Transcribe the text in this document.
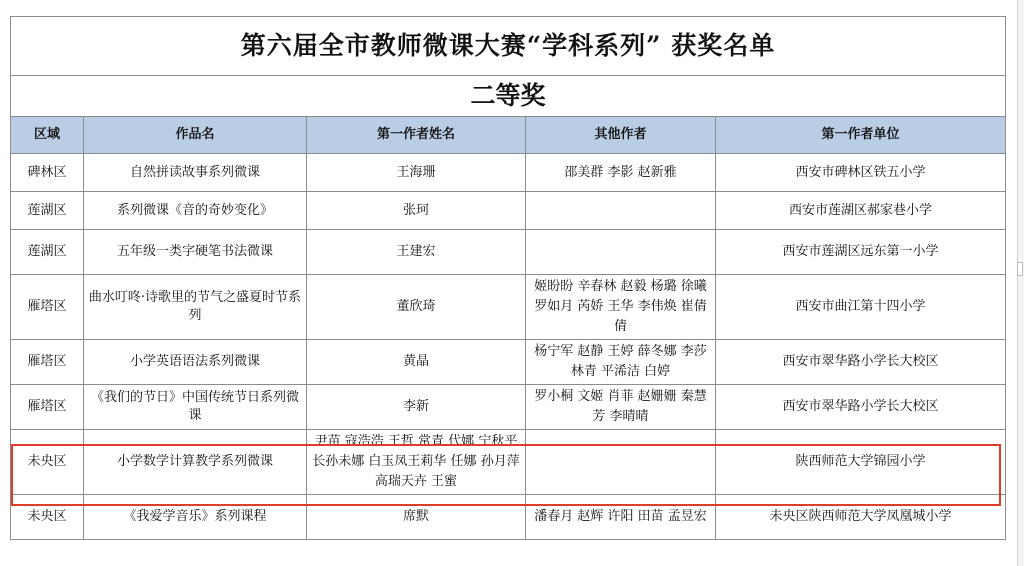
第六届全市教师微课大赛“学科系列” 获奖名单				
二等奖				
区域	作品名	第一作者姓名	其他作者	第一作者单位
碑林区	自然拼读故事系列微课	王海珊	邵美群 李影 赵新雅	西安市碑林区铁五小学
莲湖区	系列微课《音的奇妙变化》	张珂		西安市莲湖区郝家巷小学
莲湖区	五年级一类字硬笔书法微课	王建宏		西安市莲湖区远东第一小学
雁塔区	曲水叮咚·诗歌里的节气之盛夏时节系列	董欣琦	姬盼盼 辛春林 赵毅 杨璐 徐曦 罗如月 芮娇 王华 李伟焕 崔倩倩	西安市曲江第十四小学
雁塔区	小学英语语法系列微课	黄晶	杨宁军 赵静 王婷 薛冬娜 李莎 林青 平浠洁 白婷	西安市翠华路小学长大校区
雁塔区	《我们的节日》中国传统节日系列微课	李新	罗小桐 文姬 肖菲 赵姗姗 秦慧芳 李晴晴	西安市翠华路小学长大校区
未央区	小学数学计算教学系列微课	尹苗 寇浩浩 王哲 常青 代娜 宁秋平 长孙未娜 白玉凤王莉华 任娜 孙月萍 高瑞天卉 王蜜		陕西师范大学锦园小学
未央区	《我爱学音乐》系列课程	席默	潘春月 赵辉 许阳 田苗 孟昱宏	未央区陕西师范大学凤凰城小学
